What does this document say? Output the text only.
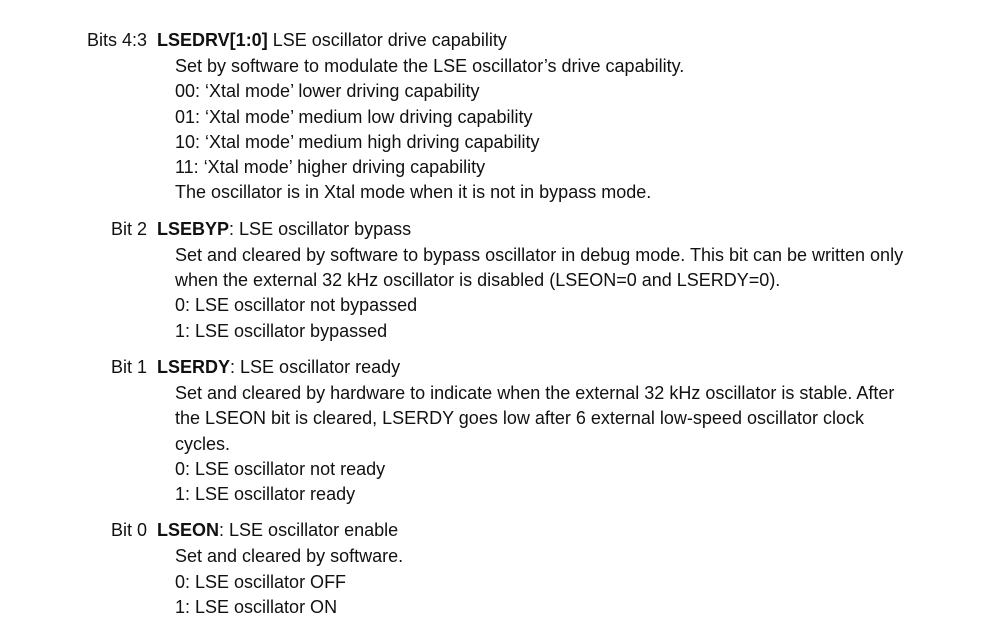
Bits 4:3 LSEDRV[1:0] LSE oscillator drive capability

Set by software to modulate the LSE oscillator’s drive capability.

00: ‘Xtal mode’ lower driving capability

01: ‘Xtal mode’ medium low driving capability

10: ‘Xtal mode’ medium high driving capability

11: ‘Xtal mode’ higher driving capability

The oscillator is in Xtal mode when it is not in bypass mode.

Bit 2 LSEBYP: LSE oscillator bypass

Set and cleared by software to bypass oscillator in debug mode. This bit can be written only

when the external 32 kHz oscillator is disabled (LSEON=0 and LSERDY=0).

0: LSE oscillator not bypassed

1: LSE oscillator bypassed

Bit 1 LSERDY: LSE oscillator ready

Set and cleared by hardware to indicate when the external 32 kHz oscillator is stable. After

the LSEON bit is cleared, LSERDY goes low after 6 external low-speed oscillator clock

cycles.

0: LSE oscillator not ready

1: LSE oscillator ready

Bit 0 LSEON: LSE oscillator enable

Set and cleared by software.

0: LSE oscillator OFF

1: LSE oscillator ON
